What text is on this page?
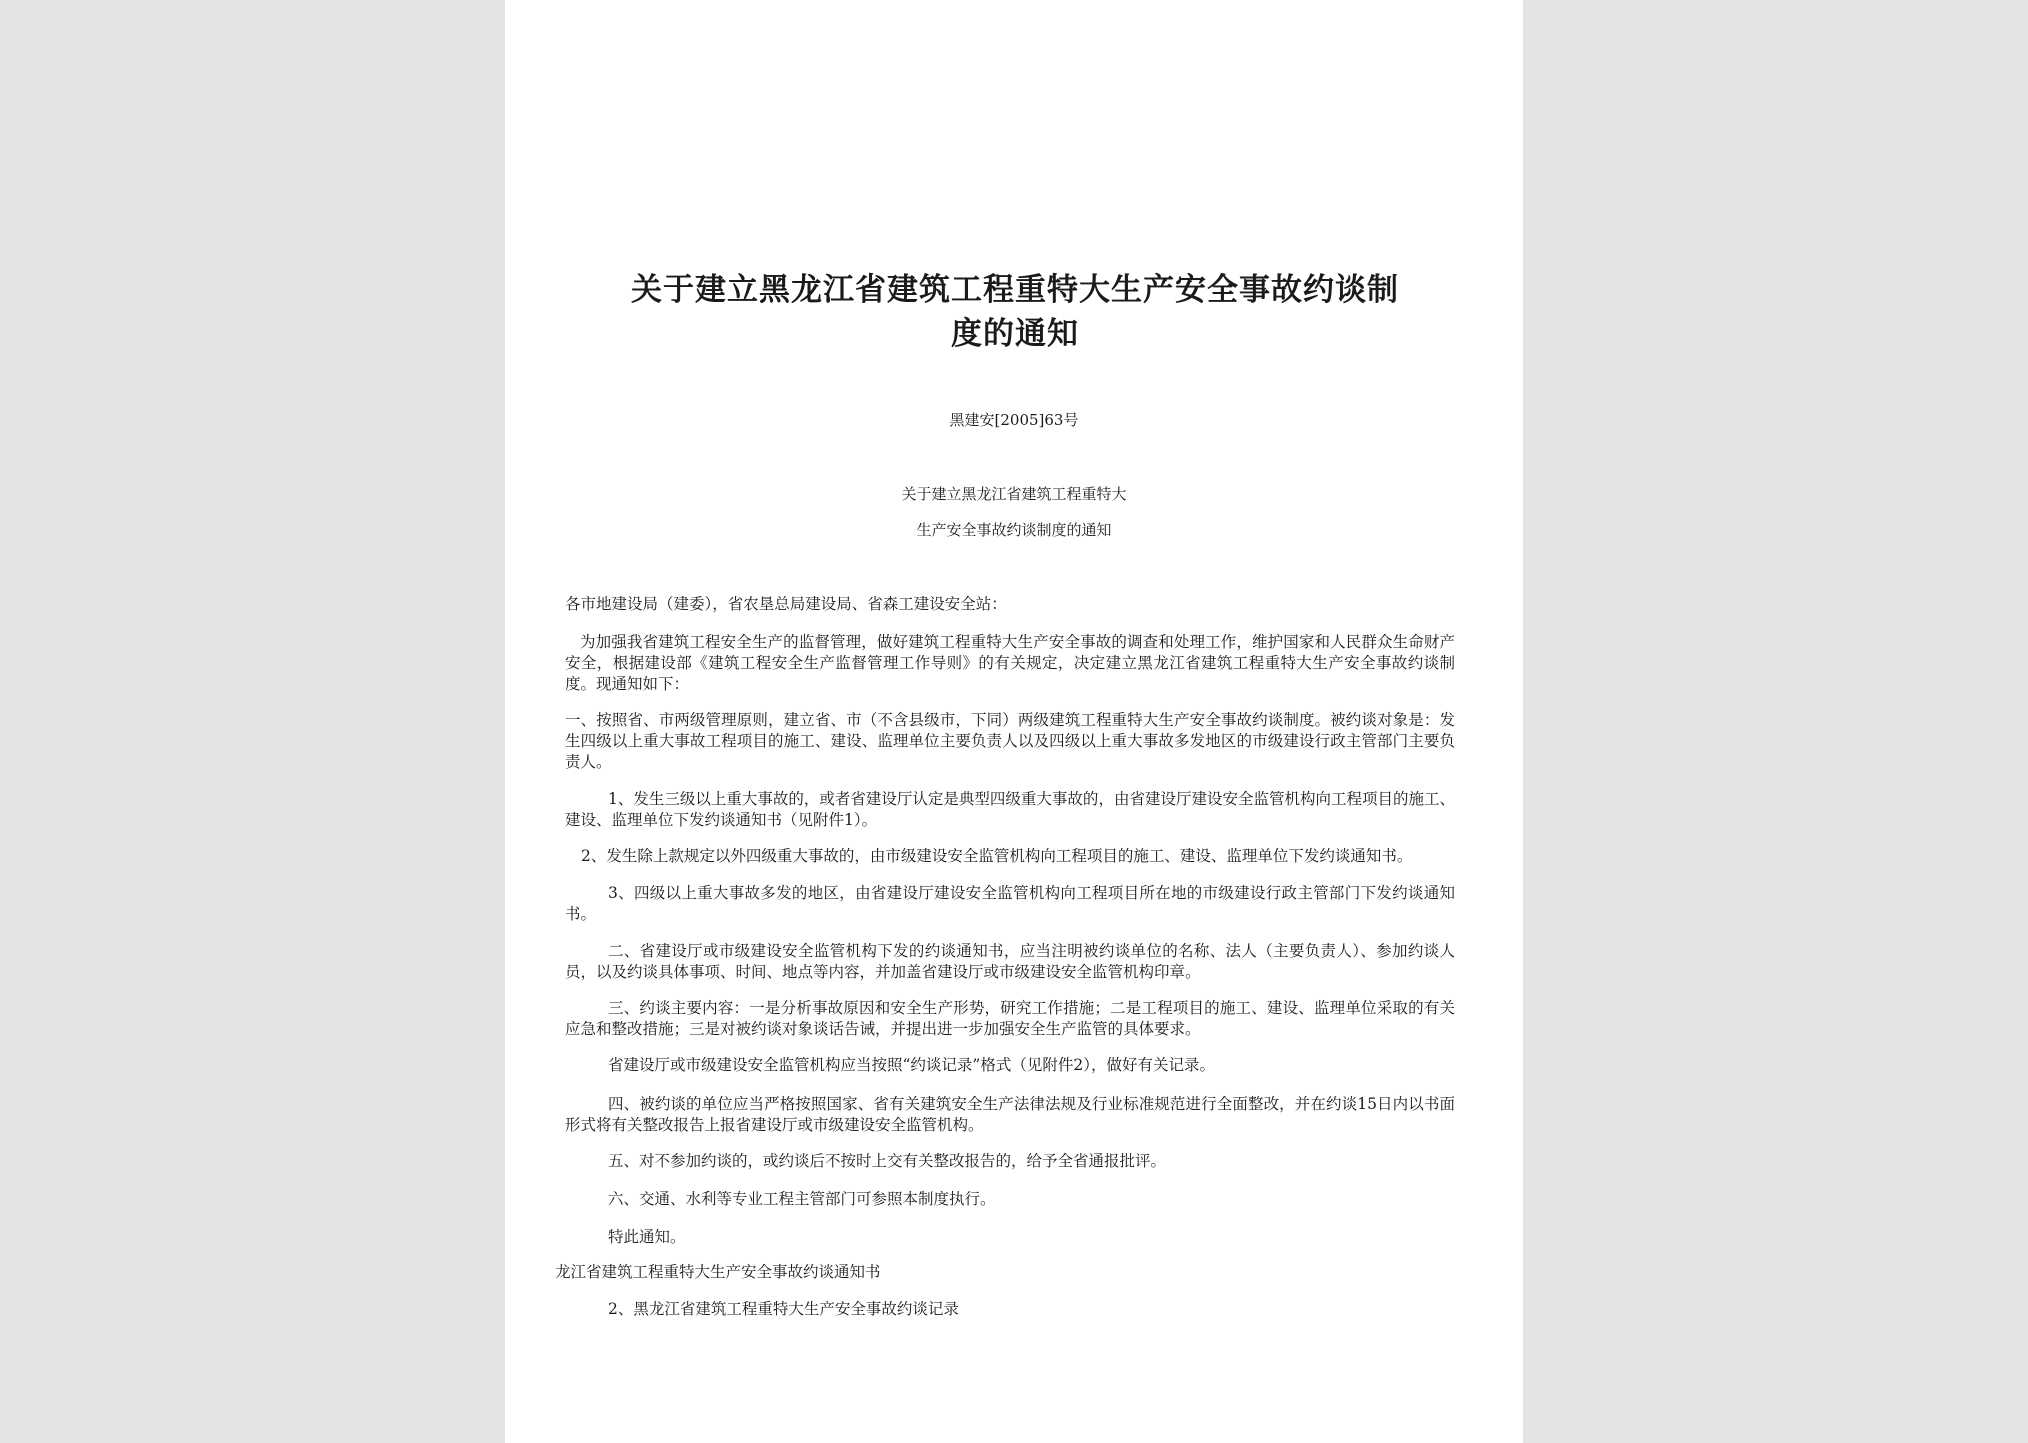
关于建立黑龙江省建筑工程重特大生产安全事故约谈制
度的通知

黑建安[2005]63号

关于建立黑龙江省建筑工程重特大

生产安全事故约谈制度的通知

各市地建设局（建委），省农垦总局建设局、省森工建设安全站：

为加强我省建筑工程安全生产的监督管理，做好建筑工程重特大生产安全事故的调查和处理工作，维护国家和人民群众生命财产安全，根据建设部《建筑工程安全生产监督管理工作导则》的有关规定，决定建立黑龙江省建筑工程重特大生产安全事故约谈制度。现通知如下：

一、按照省、市两级管理原则，建立省、市（不含县级市，下同）两级建筑工程重特大生产安全事故约谈制度。被约谈对象是：发生四级以上重大事故工程项目的施工、建设、监理单位主要负责人以及四级以上重大事故多发地区的市级建设行政主管部门主要负责人。

1、发生三级以上重大事故的，或者省建设厅认定是典型四级重大事故的，由省建设厅建设安全监管机构向工程项目的施工、建设、监理单位下发约谈通知书（见附件1）。

2、发生除上款规定以外四级重大事故的，由市级建设安全监管机构向工程项目的施工、建设、监理单位下发约谈通知书。

3、四级以上重大事故多发的地区，由省建设厅建设安全监管机构向工程项目所在地的市级建设行政主管部门下发约谈通知书。

二、省建设厅或市级建设安全监管机构下发的约谈通知书，应当注明被约谈单位的名称、法人（主要负责人）、参加约谈人员，以及约谈具体事项、时间、地点等内容，并加盖省建设厅或市级建设安全监管机构印章。

三、约谈主要内容：一是分析事故原因和安全生产形势，研究工作措施；二是工程项目的施工、建设、监理单位采取的有关应急和整改措施；三是对被约谈对象谈话告诫，并提出进一步加强安全生产监管的具体要求。

省建设厅或市级建设安全监管机构应当按照“约谈记录”格式（见附件2），做好有关记录。

四、被约谈的单位应当严格按照国家、省有关建筑安全生产法律法规及行业标准规范进行全面整改，并在约谈15日内以书面形式将有关整改报告上报省建设厅或市级建设安全监管机构。

五、对不参加约谈的，或约谈后不按时上交有关整改报告的，给予全省通报批评。

六、交通、水利等专业工程主管部门可参照本制度执行。

特此通知。

龙江省建筑工程重特大生产安全事故约谈通知书

2、黑龙江省建筑工程重特大生产安全事故约谈记录
